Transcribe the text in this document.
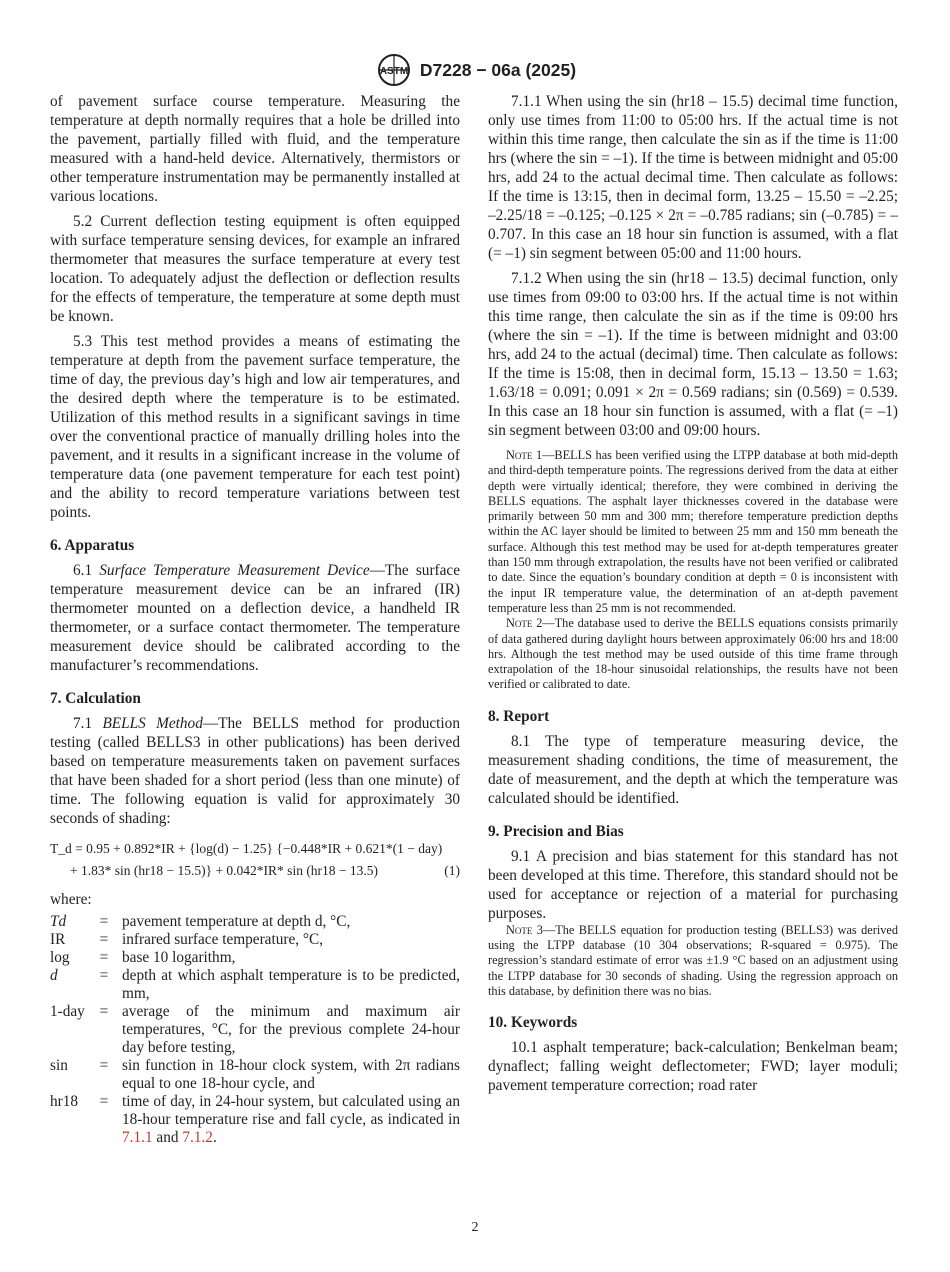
ASTM D7228 − 06a (2025)

of pavement surface course temperature. Measuring the temperature at depth normally requires that a hole be drilled into the pavement, partially filled with fluid, and the temperature measured with a hand-held device. Alternatively, thermistors or other temperature instrumentation may be permanently installed at various locations.

5.2 Current deflection testing equipment is often equipped with surface temperature sensing devices, for example an infrared thermometer that measures the surface temperature at every test location. To adequately adjust the deflection or deflection results for the effects of temperature, the temperature at some depth must be known.

5.3 This test method provides a means of estimating the temperature at depth from the pavement surface temperature, the time of day, the previous day’s high and low air temperatures, and the desired depth where the temperature is to be estimated. Utilization of this method results in a significant savings in time over the conventional practice of manually drilling holes into the pavement, and it results in a significant increase in the volume of temperature data (one pavement temperature for each test point) and the ability to record temperature variations between test points.

6. Apparatus

6.1 Surface Temperature Measurement Device—The surface temperature measurement device can be an infrared (IR) thermometer mounted on a deflection device, a handheld IR thermometer, or a surface contact thermometer. The temperature measurement device should be calibrated according to the manufacturer’s recommendations.

7. Calculation

7.1 BELLS Method—The BELLS method for production testing (called BELLS3 in other publications) has been derived based on temperature measurements taken on pavement surfaces that have been shaded for a short period (less than one minute) of time. The following equation is valid for approximately 30 seconds of shading:

T_d = 0.95 + 0.892*IR + {log(d) − 1.25} {−0.448*IR + 0.621*(1 − day)
+ 1.83* sin (hr18 − 15.5)} + 0.042*IR* sin (hr18 − 13.5)	(1)
where:
Td	=	pavement temperature at depth d, °C,
IR	=	infrared surface temperature, °C,
log	=	base 10 logarithm,
d	=	depth at which asphalt temperature is to be predicted, mm,
1-day	=	average of the minimum and maximum air temperatures, °C, for the previous complete 24-hour day before testing,
sin	=	sin function in 18-hour clock system, with 2π radians equal to one 18-hour cycle, and
hr18	=	time of day, in 24-hour system, but calculated using an 18-hour temperature rise and fall cycle, as indicated in 7.1.1 and 7.1.2.

7.1.1 When using the sin (hr18 – 15.5) decimal time function, only use times from 11:00 to 05:00 hrs. If the actual time is not within this time range, then calculate the sin as if the time is 11:00 hrs (where the sin = –1). If the time is between midnight and 05:00 hrs, add 24 to the actual decimal time. Then calculate as follows: If the time is 13:15, then in decimal form, 13.25 – 15.50 = –2.25; –2.25/18 = –0.125; –0.125 × 2π = –0.785 radians; sin (–0.785) = –0.707. In this case an 18 hour sin function is assumed, with a flat (= –1) sin segment between 05:00 and 11:00 hours.

7.1.2 When using the sin (hr18 – 13.5) decimal function, only use times from 09:00 to 03:00 hrs. If the actual time is not within this time range, then calculate the sin as if the time is 09:00 hrs (where the sin = –1). If the time is between midnight and 03:00 hrs, add 24 to the actual (decimal) time. Then calculate as follows: If the time is 15:08, then in decimal form, 15.13 – 13.50 = 1.63; 1.63/18 = 0.091; 0.091 × 2π = 0.569 radians; sin (0.569) = 0.539. In this case an 18 hour sin function is assumed, with a flat (= –1) sin segment between 03:00 and 09:00 hours.

Note 1—BELLS has been verified using the LTPP database at both mid-depth and third-depth temperature points. The regressions derived from the data at either depth were virtually identical; therefore, they were combined in deriving the BELLS equations. The asphalt layer thicknesses covered in the database were primarily between 50 mm and 300 mm; therefore temperature prediction depths within the AC layer should be limited to between 25 mm and 150 mm beneath the surface. Although this test method may be used for at-depth temperatures greater than 150 mm through extrapolation, the results have not been verified or calibrated to date. Since the equation’s boundary condition at depth = 0 is inconsistent with the input IR temperature value, the determination of an at-depth pavement temperature less than 25 mm is not recommended.

Note 2—The database used to derive the BELLS equations consists primarily of data gathered during daylight hours between approximately 06:00 hrs and 18:00 hrs. Although the test method may be used outside of this time frame through extrapolation of the 18-hour sinusoidal relationships, the results have not been verified or calibrated to date.

8. Report

8.1 The type of temperature measuring device, the measurement shading conditions, the time of measurement, the date of measurement, and the depth at which the temperature was calculated should be identified.

9. Precision and Bias

9.1 A precision and bias statement for this standard has not been developed at this time. Therefore, this standard should not be used for acceptance or rejection of a material for purchasing purposes.

Note 3—The BELLS equation for production testing (BELLS3) was derived using the LTPP database (10 304 observations; R-squared = 0.975). The regression’s standard estimate of error was ±1.9 °C based on an adjustment using the LTPP database for 30 seconds of shading. Using the regression approach on this database, by definition there was no bias.

10. Keywords

10.1 asphalt temperature; back-calculation; Benkelman beam; dynaflect; falling weight deflectometer; FWD; layer moduli; pavement temperature correction; road rater

2
